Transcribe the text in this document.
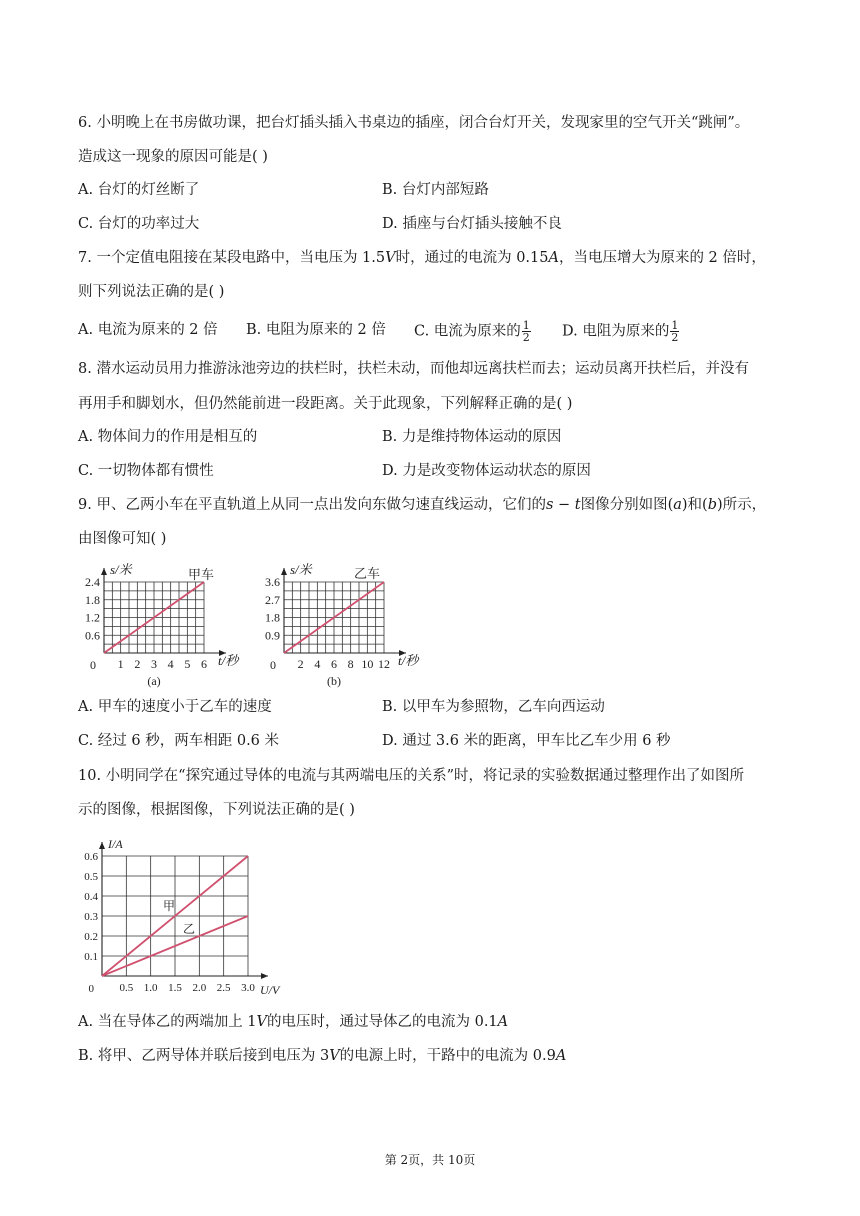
6. 小明晚上在书房做功课，把台灯插头插入书桌边的插座，闭合台灯开关，发现家里的空气开关“跳闸”。
造成这一现象的原因可能是( )
A. 台灯的灯丝断了	B. 台灯内部短路
C. 台灯的功率过大	D. 插座与台灯插头接触不良
7. 一个定值电阻接在某段电路中，当电压为 1.5𝑉时，通过的电流为 0.15𝐴，当电压增大为原来的 2 倍时，
则下列说法正确的是( )
A. 电流为原来的 2 倍 B. 电阻为原来的 2 倍 C. 电流为原来的 $\frac{1}{2} D$. 电阻为原来的 $\frac{1}{2}$
8. 潜水运动员用力推游泳池旁边的扶栏时，扶栏未动，而他却远离扶栏而去；运动员离开扶栏后，并没有
再用手和脚划水，但仍然能前进一段距离。关于此现象，下列解释正确的是( )
A. 物体间力的作用是相互的	B. 力是维持物体运动的原因
C. 一切物体都有惯性	D. 力是改变物体运动状态的原因
9. 甲、乙两小车在平直轨道上从同一点出发向东做匀速直线运动，它们的𝑠 − 𝑡图像分别如图(𝑎)和(𝑏)所示，
由图像可知( )
1 2 3 4 5 6
0.6
1.2
1.8
2.4
0
s/米
t/秒
甲车
(a)
2 4 6 8 10 12
0.9
1.8
2.7
3.6
0
s/米
t/秒
乙车
(b)
A. 甲车的速度小于乙车的速度	B. 以甲车为参照物，乙车向西运动
C. 经过 6 秒，两车相距 0.6 米	D. 通过 3.6 米的距离，甲车比乙车少用 6 秒
10. 小明同学在“探究通过导体的电流与其两端电压的关系”时，将记录的实验数据通过整理作出了如图所
示的图像，根据图像，下列说法正确的是( )
0.5 1.0 1.5 2.0 2.5 3.0
0.1
0.2
0.3
0.4
0.5
0.6
0
I/A
U/V
甲
乙
A. 当在导体乙的两端加上 1𝑉的电压时，通过导体乙的电流为 0.1𝐴
B. 将甲、乙两导体并联后接到电压为 3𝑉的电源上时，干路中的电流为 0.9𝐴
第 2页，共 10页
